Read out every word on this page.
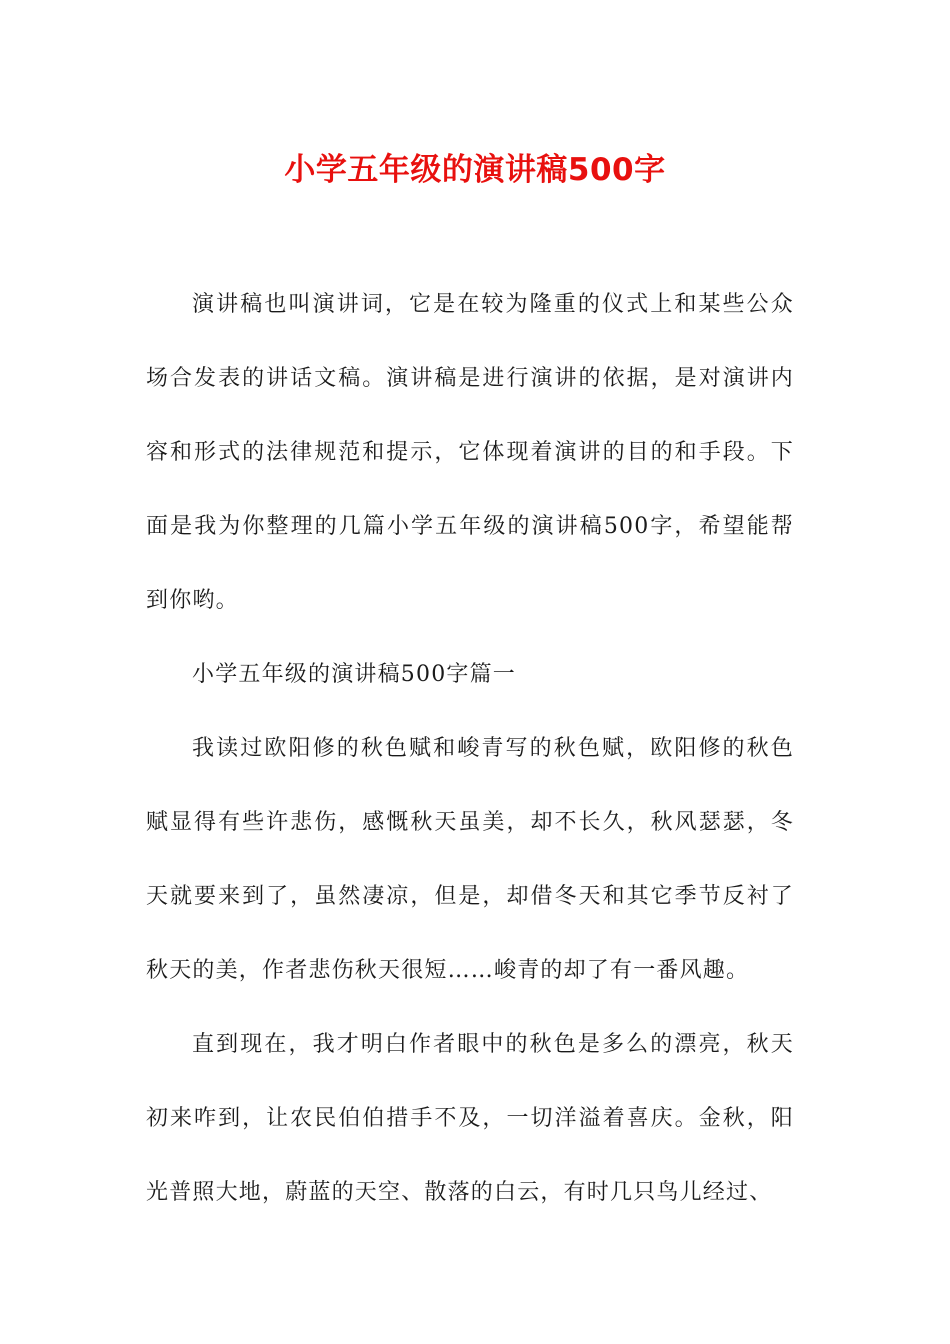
小学五年级的演讲稿500字

演讲稿也叫演讲词，它是在较为隆重的仪式上和某些公众场合发表的讲话文稿。演讲稿是进行演讲的依据，是对演讲内容和形式的法律规范和提示，它体现着演讲的目的和手段。下面是我为你整理的几篇小学五年级的演讲稿500字，希望能帮到你哟。

小学五年级的演讲稿500字篇一

我读过欧阳修的秋色赋和峻青写的秋色赋，欧阳修的秋色赋显得有些许悲伤，感慨秋天虽美，却不长久，秋风瑟瑟，冬天就要来到了，虽然凄凉，但是，却借冬天和其它季节反衬了秋天的美，作者悲伤秋天很短……峻青的却了有一番风趣。

直到现在，我才明白作者眼中的秋色是多么的漂亮，秋天初来咋到，让农民伯伯措手不及，一切洋溢着喜庆。金秋，阳光普照大地，蔚蓝的天空、散落的白云，有时几只鸟儿经过、
